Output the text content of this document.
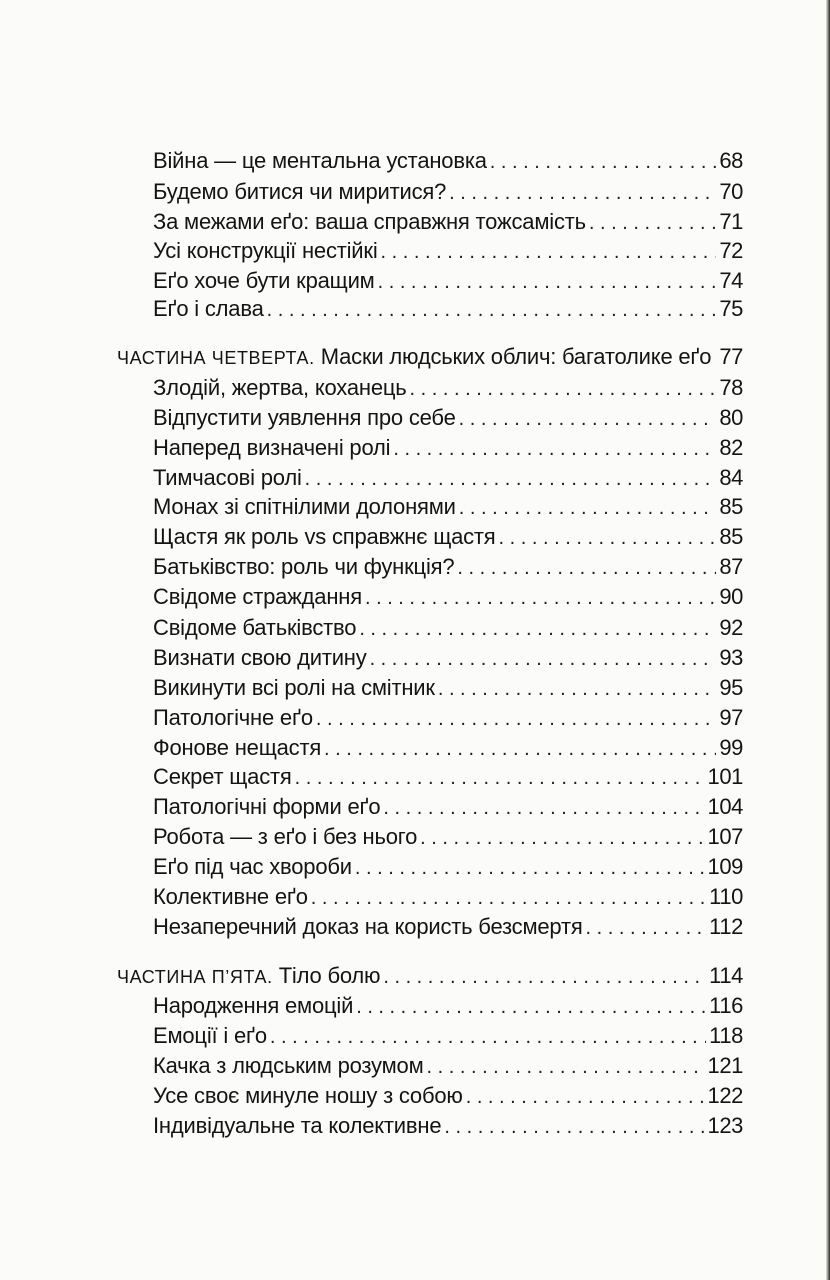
Війна — це ментальна установка . . .	68
Будемо битися чи миритися? . . .	70
За межами еґо: ваша справжня тожсамість . . .	71
Усі конструкції нестійкі . . .	72
Еґо хоче бути кращим . . .	74
Еґо і слава . . .	75
ЧАСТИНА ЧЕТВЕРТА. Маски людських облич: багатолике еґо . . . 77
Злодій, жертва, коханець . . .	78
Відпустити уявлення про себе . . .	80
Наперед визначені ролі . . .	82
Тимчасові ролі . . .	84
Монах зі спітнілими долонями . . .	85
Щастя як роль vs справжнє щастя . . .	85
Батьківство: роль чи функція? . . .	87
Свідоме страждання . . .	90
Свідоме батьківство . . .	92
Визнати свою дитину . . .	93
Викинути всі ролі на смітник . . .	95
Патологічне еґо . . .	97
Фонове нещастя . . .	99
Секрет щастя . . .	101
Патологічні форми еґо . . .	104
Робота — з еґо і без нього . . .	107
Еґо під час хвороби . . .	109
Колективне еґо . . .	110
Незаперечний доказ на користь безсмертя . . .	112
ЧАСТИНА П’ЯТА. Тіло болю . . .	114
Народження емоцій . . .	116
Емоції і еґо . . .	118
Качка з людським розумом . . .	121
Усе своє минуле ношу з собою . . .	122
Індивідуальне та колективне . . .	123
